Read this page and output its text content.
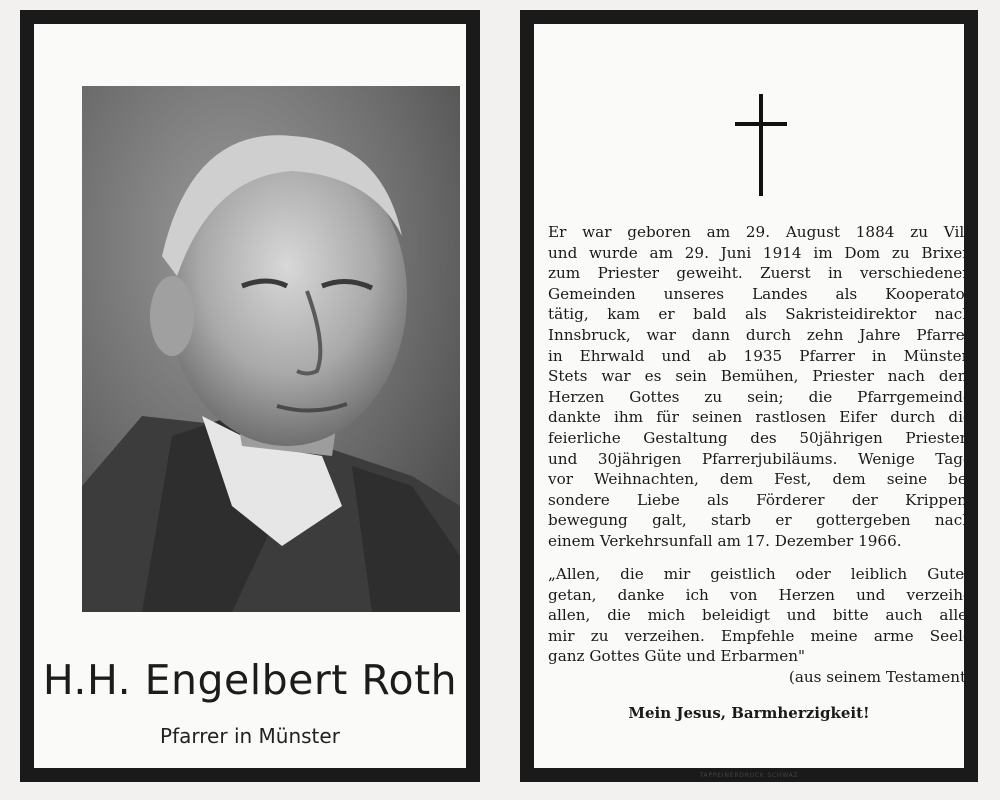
H.H. Engelbert Roth
Pfarrer in Münster
Er war geboren am 29. August 1884 zu Vils
und wurde am 29. Juni 1914 im Dom zu Brixen
zum Priester geweiht. Zuerst in verschiedenen
Gemeinden unseres Landes als Kooperator
tätig, kam er bald als Sakristeidirektor nach
Innsbruck, war dann durch zehn Jahre Pfarrer
in Ehrwald und ab 1935 Pfarrer in Münster.
Stets war es sein Bemühen, Priester nach dem
Herzen Gottes zu sein; die Pfarrgemeinde
dankte ihm für seinen rastlosen Eifer durch die
feierliche Gestaltung des 50jährigen Priester-
und 30jährigen Pfarrerjubiläums. Wenige Tage
vor Weihnachten, dem Fest, dem seine be-
sondere Liebe als Förderer der Krippen-
bewegung galt, starb er gottergeben nach
einem Verkehrsunfall am 17. Dezember 1966.
„Allen, die mir geistlich oder leiblich Gutes
getan, danke ich von Herzen und verzeihe
allen, die mich beleidigt und bitte auch alle,
mir zu verzeihen. Empfehle meine arme Seele
ganz Gottes Güte und Erbarmen"
(aus seinem Testament)
Mein Jesus, Barmherzigkeit!
TAPPEINERDRUCK SCHWAZ
